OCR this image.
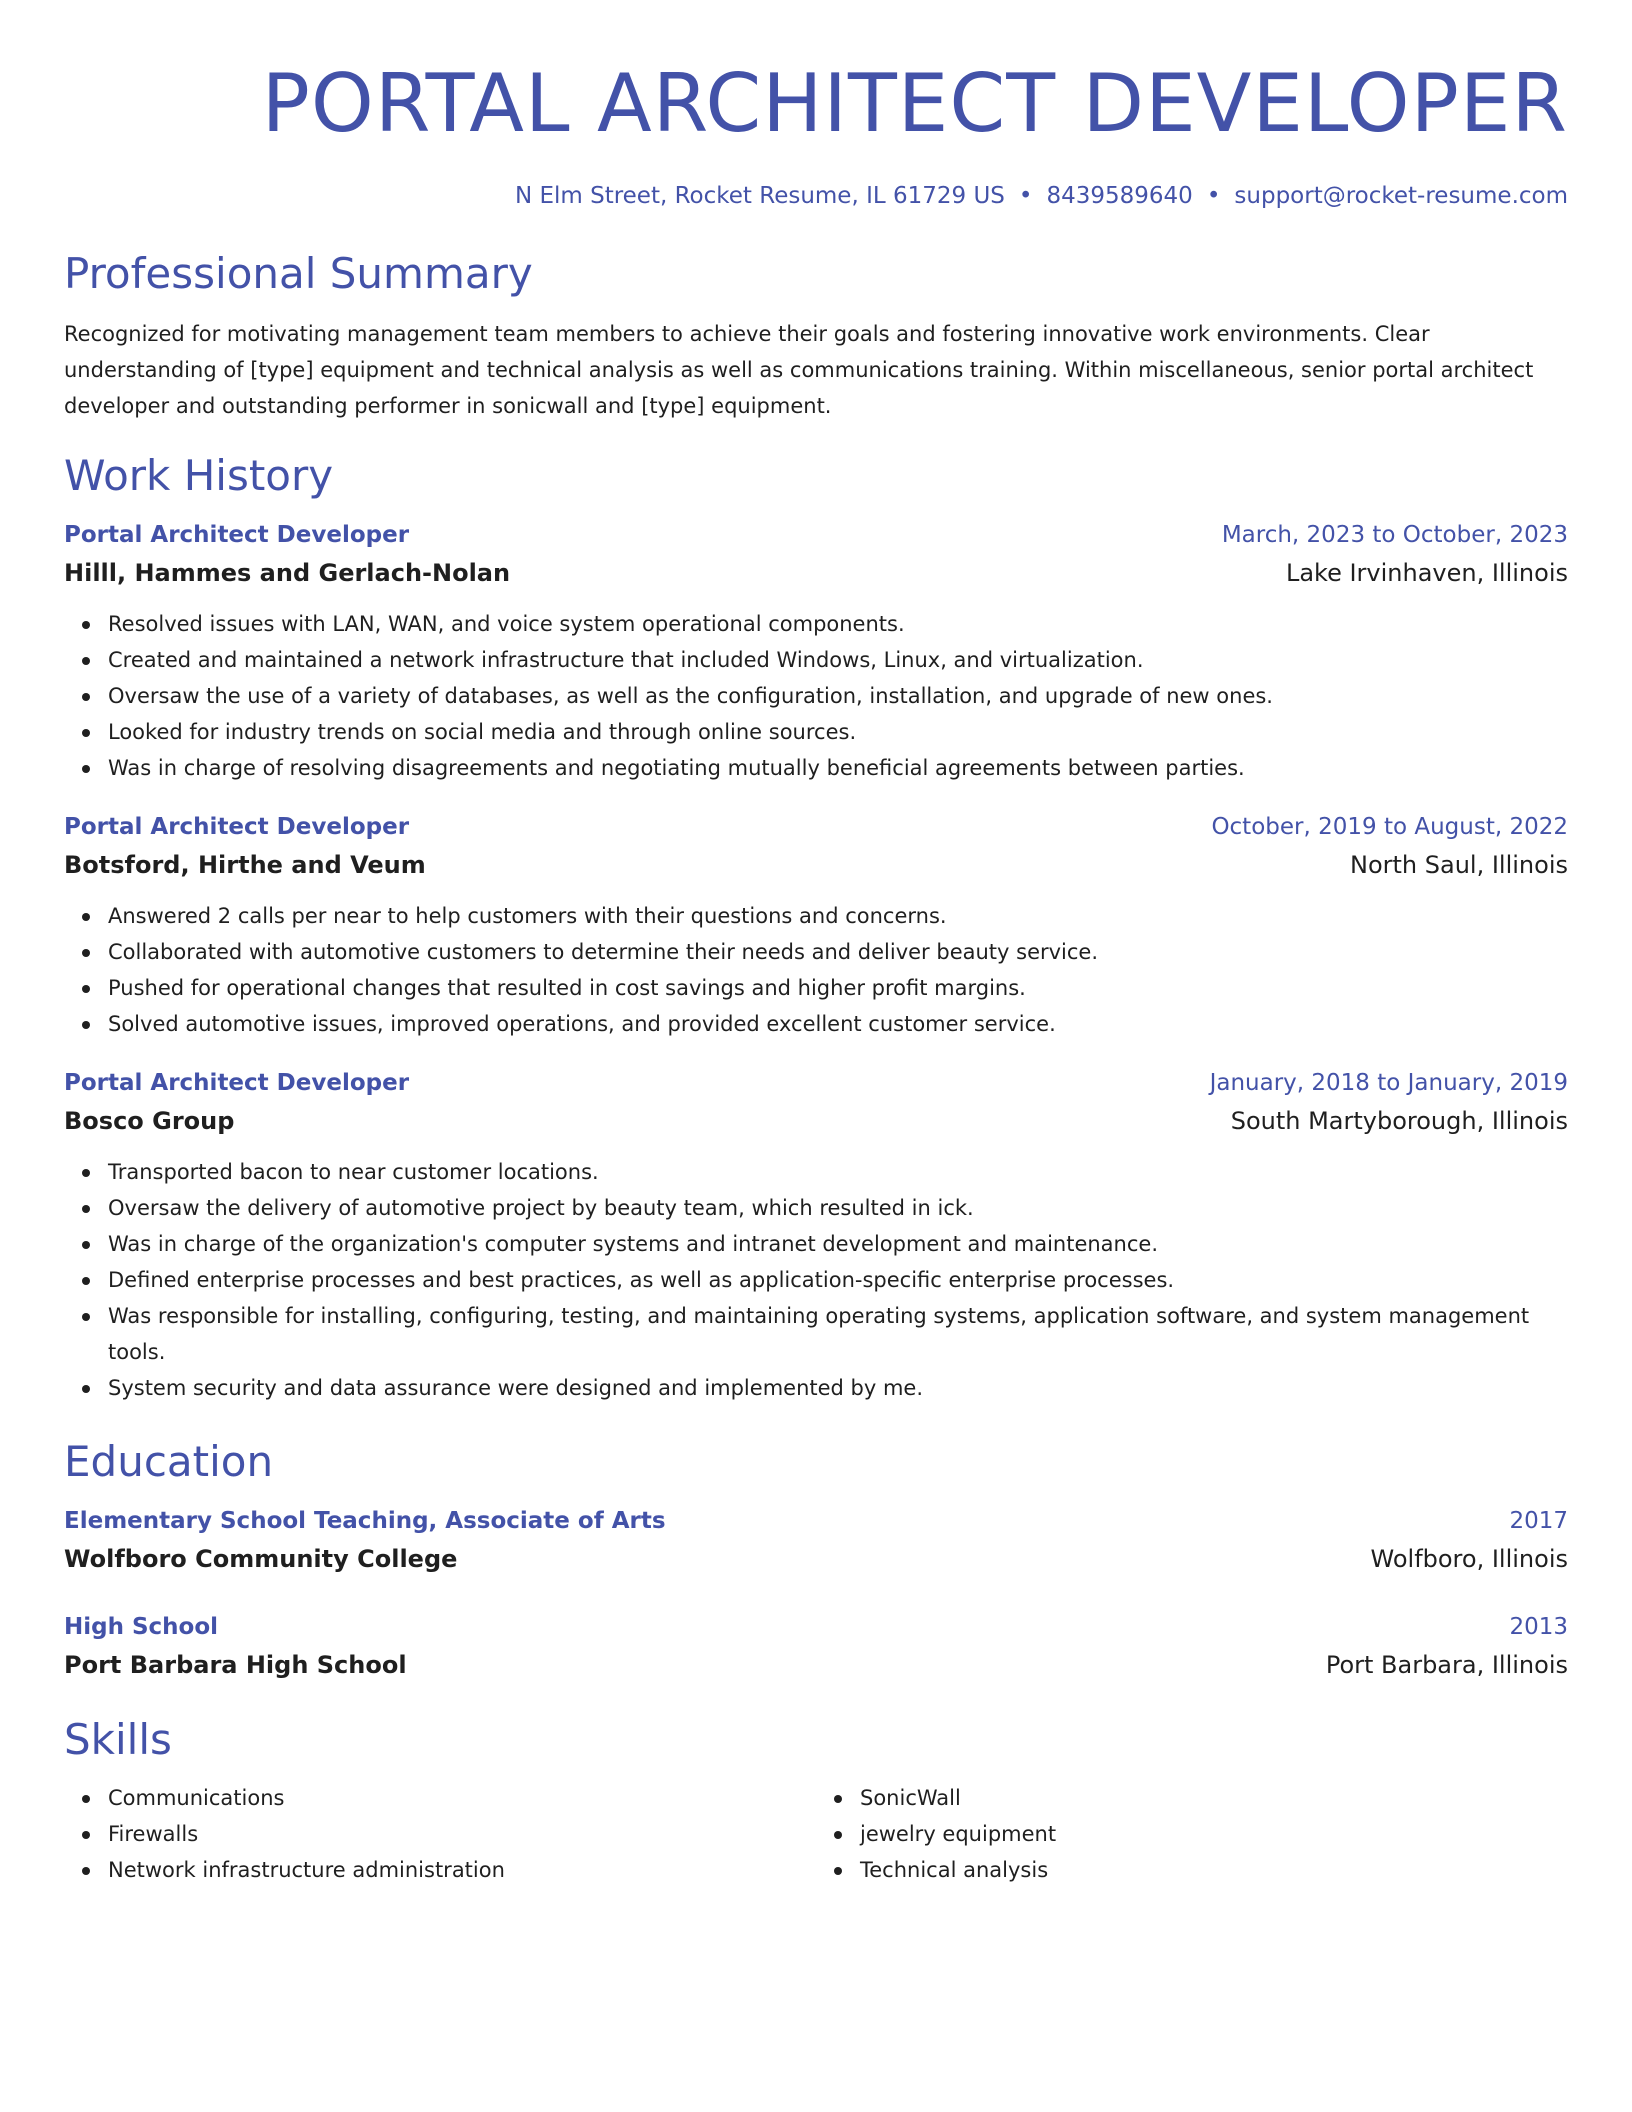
PORTAL ARCHITECT DEVELOPER
N Elm Street, Rocket Resume, IL 61729 US • 8439589640 • support@rocket-resume.com
Professional Summary
Recognized for motivating management team members to achieve their goals and fostering innovative work environments. Clear understanding of [type] equipment and technical analysis as well as communications training. Within miscellaneous, senior portal architect developer and outstanding performer in sonicwall and [type] equipment.
Work History
Portal Architect Developer	March, 2023 to October, 2023
Hilll, Hammes and Gerlach-Nolan	Lake Irvinhaven, Illinois
Resolved issues with LAN, WAN, and voice system operational components.
Created and maintained a network infrastructure that included Windows, Linux, and virtualization.
Oversaw the use of a variety of databases, as well as the configuration, installation, and upgrade of new ones.
Looked for industry trends on social media and through online sources.
Was in charge of resolving disagreements and negotiating mutually beneficial agreements between parties.
Portal Architect Developer	October, 2019 to August, 2022
Botsford, Hirthe and Veum	North Saul, Illinois
Answered 2 calls per near to help customers with their questions and concerns.
Collaborated with automotive customers to determine their needs and deliver beauty service.
Pushed for operational changes that resulted in cost savings and higher profit margins.
Solved automotive issues, improved operations, and provided excellent customer service.
Portal Architect Developer	January, 2018 to January, 2019
Bosco Group	South Martyborough, Illinois
Transported bacon to near customer locations.
Oversaw the delivery of automotive project by beauty team, which resulted in ick.
Was in charge of the organization's computer systems and intranet development and maintenance.
Defined enterprise processes and best practices, as well as application-specific enterprise processes.
Was responsible for installing, configuring, testing, and maintaining operating systems, application software, and system management tools.
System security and data assurance were designed and implemented by me.
Education
Elementary School Teaching, Associate of Arts	2017
Wolfboro Community College	Wolfboro, Illinois
High School	2013
Port Barbara High School	Port Barbara, Illinois
Skills
Communications
Firewalls
Network infrastructure administration
SonicWall
jewelry equipment
Technical analysis
